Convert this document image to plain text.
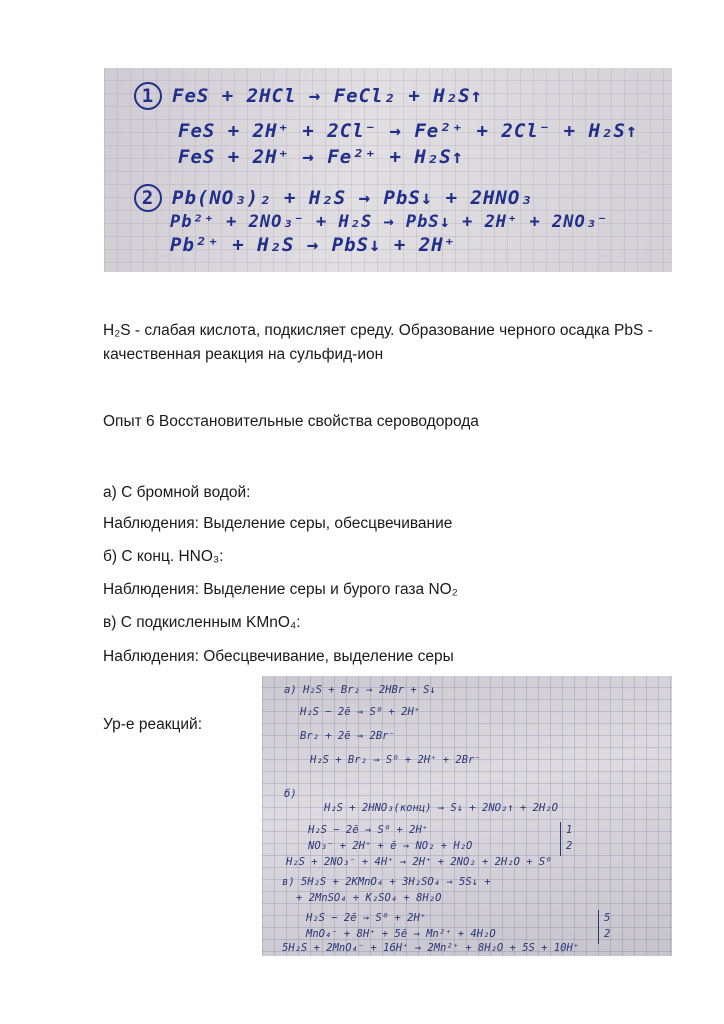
1 FeS + 2HCl → FeCl₂ + H₂S↑
FeS + 2H⁺ + 2Cl⁻ → Fe²⁺ + 2Cl⁻ + H₂S↑
FeS + 2H⁺ → Fe²⁺ + H₂S↑
2 Pb(NO₃)₂ + H₂S → PbS↓ + 2HNO₃
Pb²⁺ + 2NO₃⁻ + H₂S → PbS↓ + 2H⁺ + 2NO₃⁻
Pb²⁺ + H₂S → PbS↓ + 2H⁺
H₂S - слабая кислота, подкисляет среду. Образование черного осадка PbS -
качественная реакция на сульфид-ион
Опыт 6 Восстановительные свойства сероводорода
а) С бромной водой:
Наблюдения: Выделение серы, обесцвечивание
б) С конц. HNO₃:
Наблюдения: Выделение серы и бурого газа NO₂
в) С подкисленным KMnO₄:
Наблюдения: Обесцвечивание, выделение серы
Ур-е реакций:
а) H₂S + Br₂ → 2HBr + S↓
H₂S − 2ē → S⁰ + 2H⁺
Br₂ + 2ē → 2Br⁻
H₂S + Br₂ → S⁰ + 2H⁺ + 2Br⁻
б)
H₂S + 2HNO₃(конц) → S↓ + 2NO₂↑ + 2H₂O
H₂S − 2ē → S⁰ + 2H⁺	1
NO₃⁻ + 2H⁺ + ē → NO₂ + H₂O	2
H₂S + 2NO₃⁻ + 4H⁺ → 2H⁺ + 2NO₂ + 2H₂O + S⁰
в) 5H₂S + 2KMnO₄ + 3H₂SO₄ → 5S↓ +
+ 2MnSO₄ + K₂SO₄ + 8H₂O
H₂S − 2ē → S⁰ + 2H⁺	5
MnO₄⁻ + 8H⁺ + 5ē → Mn²⁺ + 4H₂O	2
5H₂S + 2MnO₄⁻ + 16H⁺ → 2Mn²⁺ + 8H₂O + 5S + 10H⁺
